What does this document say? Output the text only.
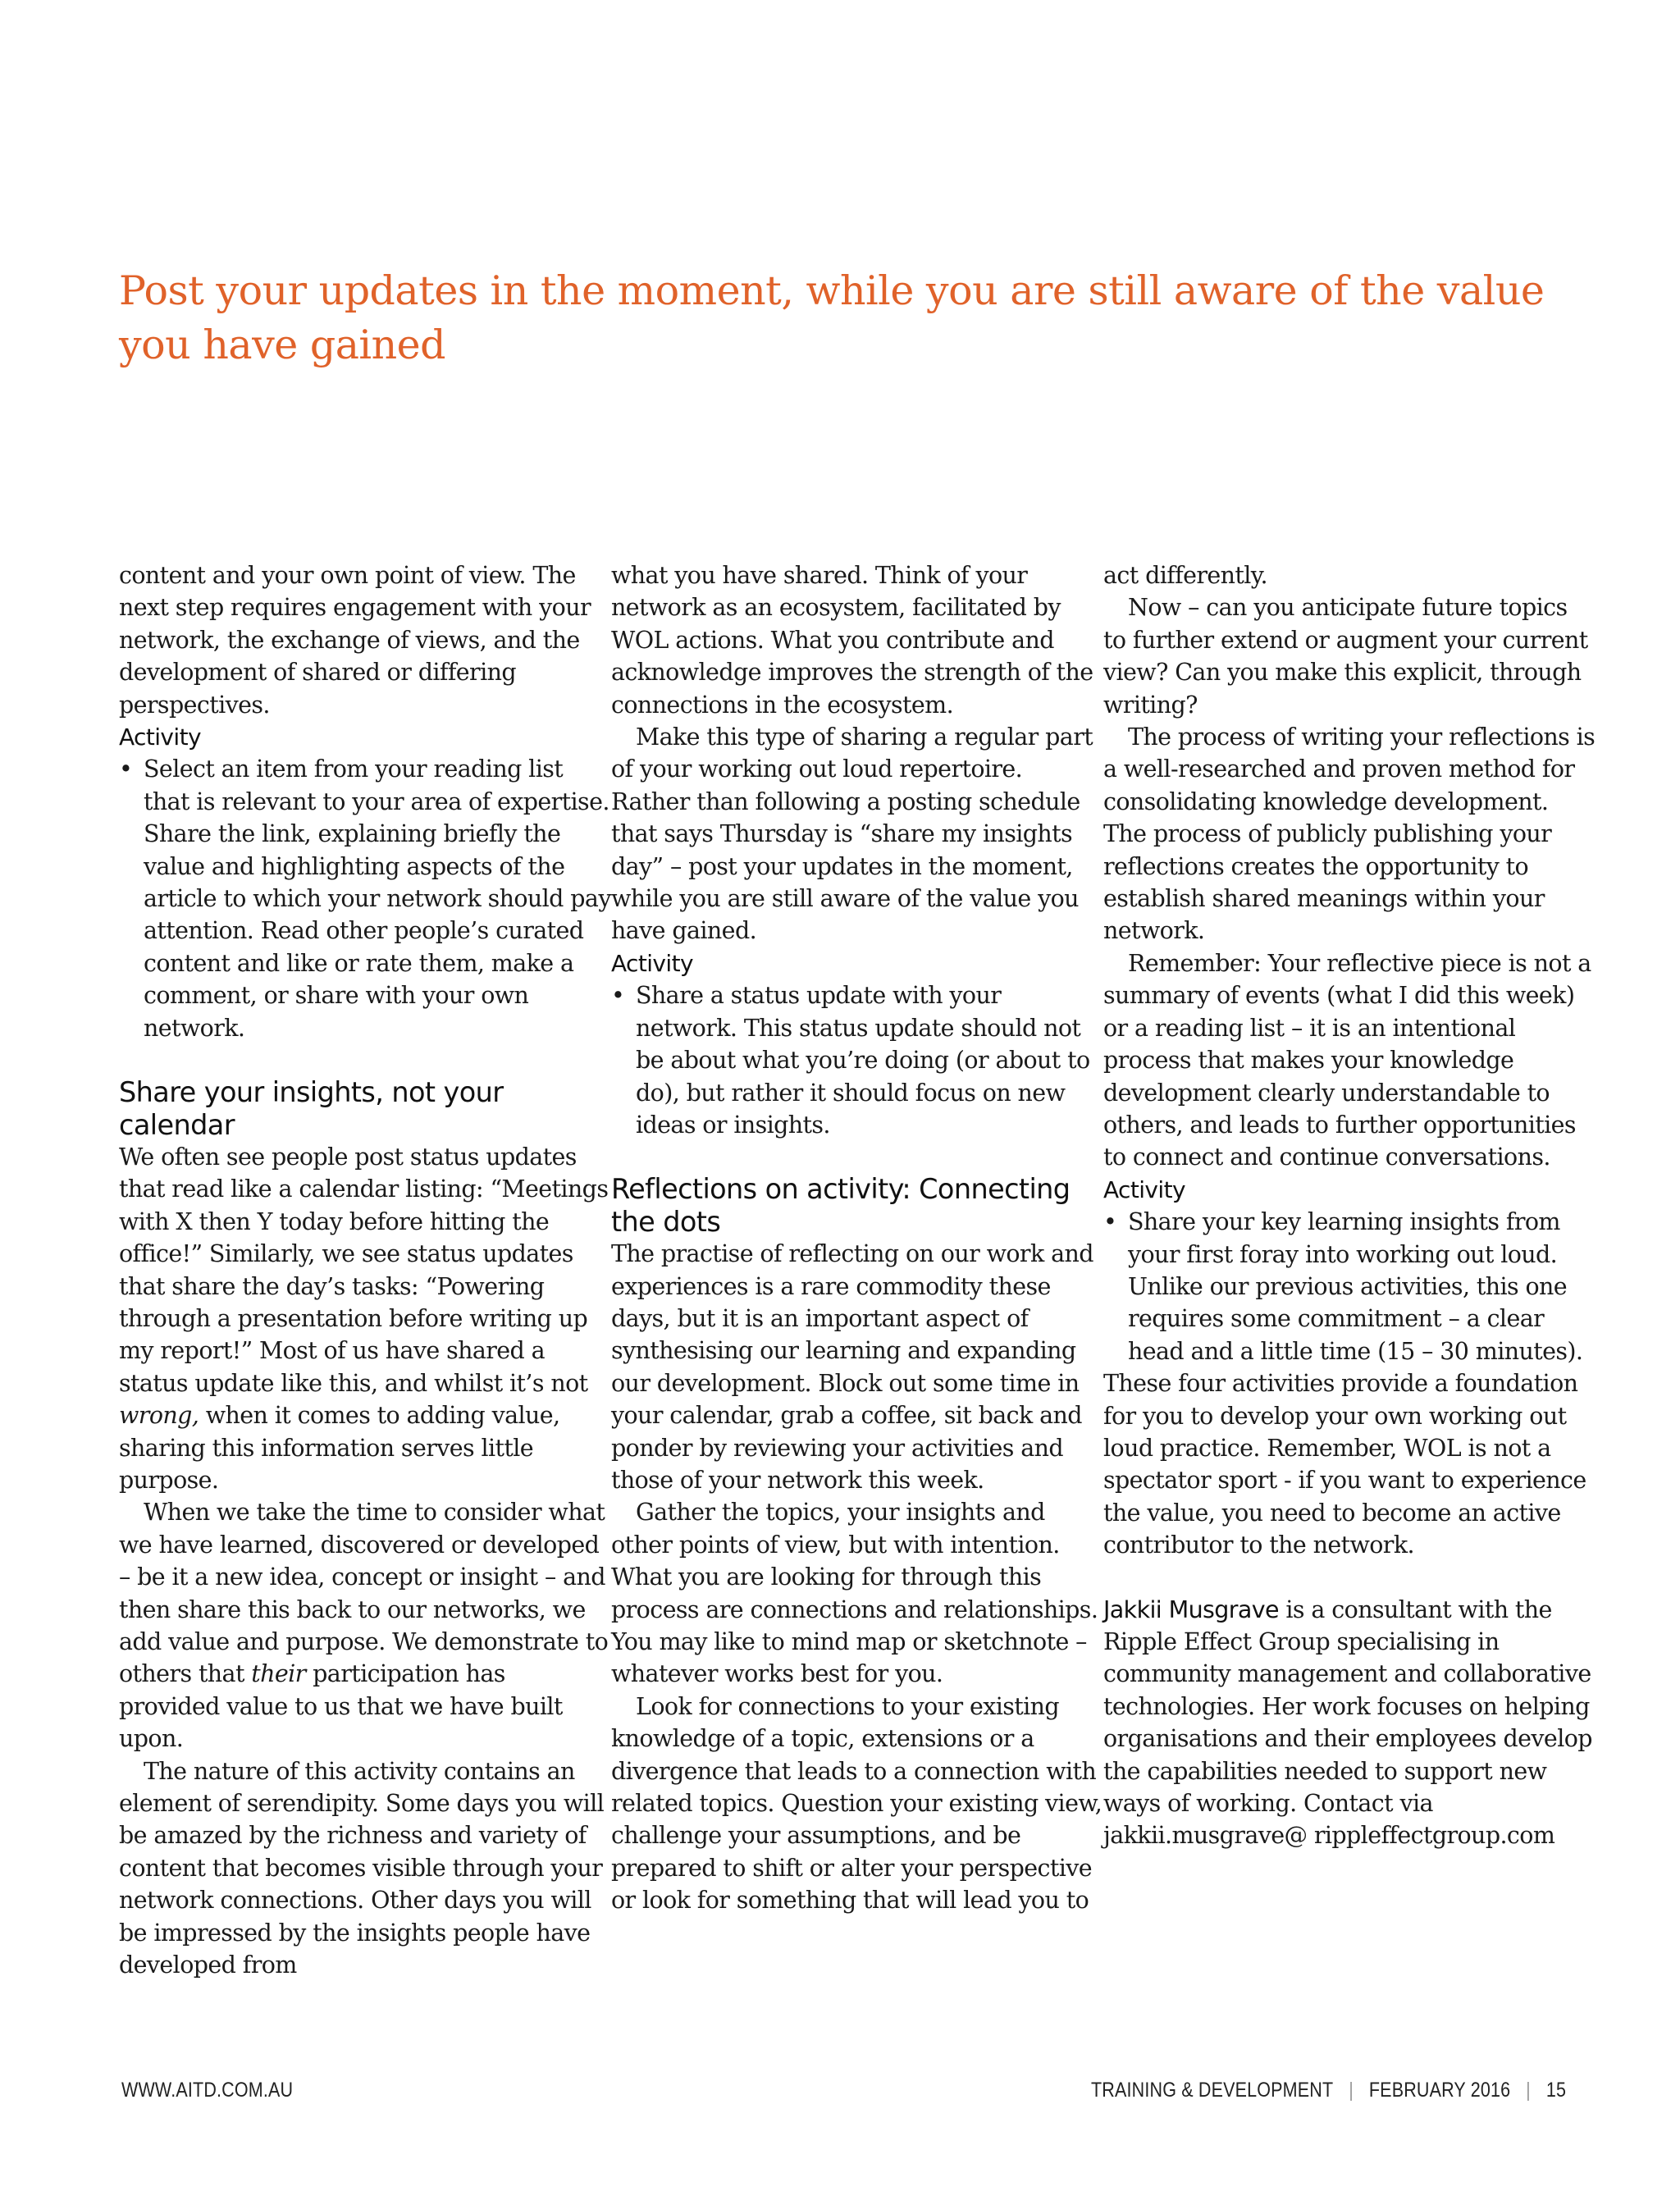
Post your updates in the moment, while you are still aware of the value you have gained

content and your own point of view. The next step requires engagement with your network, the exchange of views, and the development of shared or differing perspectives.

Activity
• Select an item from your reading list that is relevant to your area of expertise. Share the link, explaining briefly the value and highlighting aspects of the article to which your network should pay attention. Read other people’s curated content and like or rate them, make a comment, or share with your own network.
Share your insights, not your calendar

We often see people post status updates that read like a calendar listing: “Meetings with X then Y today before hitting the office!” Similarly, we see status updates that share the day’s tasks: “Powering through a presentation before writing up my report!” Most of us have shared a status update like this, and whilst it’s not wrong, when it comes to adding value, sharing this information serves little purpose.

When we take the time to consider what we have learned, discovered or developed – be it a new idea, concept or insight – and then share this back to our networks, we add value and purpose. We demonstrate to others that their participation has provided value to us that we have built upon.

The nature of this activity contains an element of serendipity. Some days you will be amazed by the richness and variety of content that becomes visible through your network connections. Other days you will be impressed by the insights people have developed from

what you have shared. Think of your network as an ecosystem, facilitated by WOL actions. What you contribute and acknowledge improves the strength of the connections in the ecosystem.

Make this type of sharing a regular part of your working out loud repertoire. Rather than following a posting schedule that says Thursday is “share my insights day” – post your updates in the moment, while you are still aware of the value you have gained.

Activity
• Share a status update with your network. This status update should not be about what you’re doing (or about to do), but rather it should focus on new ideas or insights.
Reflections on activity: Connecting the dots

The practise of reflecting on our work and experiences is a rare commodity these days, but it is an important aspect of synthesising our learning and expanding our development. Block out some time in your calendar, grab a coffee, sit back and ponder by reviewing your activities and those of your network this week.

Gather the topics, your insights and other points of view, but with intention. What you are looking for through this process are connections and relationships. You may like to mind map or sketchnote – whatever works best for you.

Look for connections to your existing knowledge of a topic, extensions or a divergence that leads to a connection with related topics. Question your existing view, challenge your assumptions, and be prepared to shift or alter your perspective or look for something that will lead you to

act differently.

Now – can you anticipate future topics to further extend or augment your current view? Can you make this explicit, through writing?

The process of writing your reflections is a well-researched and proven method for consolidating knowledge development. The process of publicly publishing your reflections creates the opportunity to establish shared meanings within your network.

Remember: Your reflective piece is not a summary of events (what I did this week) or a reading list – it is an intentional process that makes your knowledge development clearly understandable to others, and leads to further opportunities to connect and continue conversations.

Activity
• Share your key learning insights from your first foray into working out loud. Unlike our previous activities, this one requires some commitment – a clear head and a little time (15 – 30 minutes).

These four activities provide a foundation for you to develop your own working out loud practice. Remember, WOL is not a spectator sport - if you want to experience the value, you need to become an active contributor to the network.

Jakkii Musgrave is a consultant with the Ripple Effect Group specialising in community management and collaborative technologies. Her work focuses on helping organisations and their employees develop the capabilities needed to support new ways of working. Contact via jakkii.musgrave@ rippleffectgroup.com

WWW.AITD.COM.AU	TRAINING & DEVELOPMENT | FEBRUARY 2016 | 15
